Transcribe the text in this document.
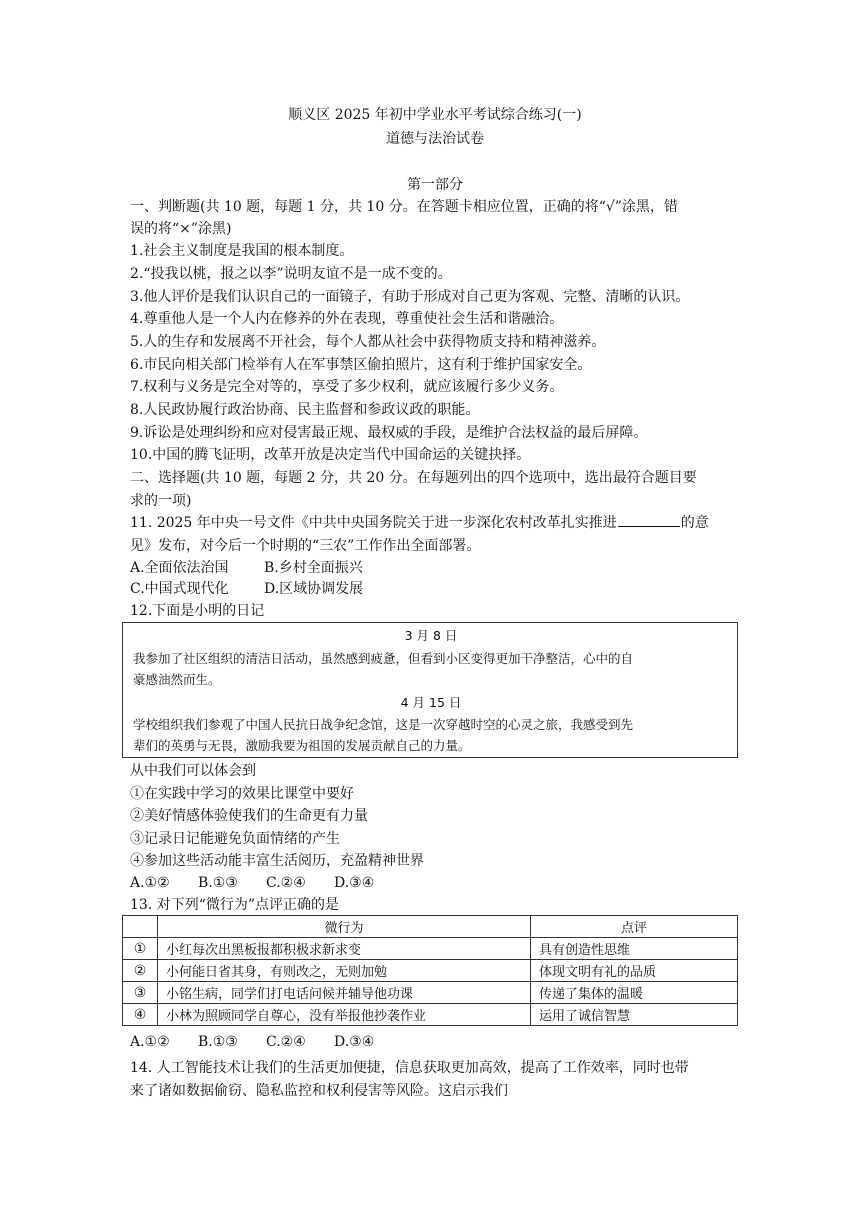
顺义区 2025 年初中学业水平考试综合练习(一)
道德与法治试卷
第一部分
一、判断题(共 10 题，每题 1 分，共 10 分。在答题卡相应位置，正确的将“√”涂黑，错
误的将“×”涂黑)
1.社会主义制度是我国的根本制度。
2.“投我以桃，报之以李”说明友谊不是一成不变的。
3.他人评价是我们认识自己的一面镜子，有助于形成对自己更为客观、完整、清晰的认识。
4.尊重他人是一个人内在修养的外在表现，尊重使社会生活和谐融洽。
5.人的生存和发展离不开社会，每个人都从社会中获得物质支持和精神滋养。
6.市民向相关部门检举有人在军事禁区偷拍照片，这有利于维护国家安全。
7.权利与义务是完全对等的，享受了多少权利，就应该履行多少义务。
8.人民政协履行政治协商、民主监督和参政议政的职能。
9.诉讼是处理纠纷和应对侵害最正规、最权威的手段，是维护合法权益的最后屏障。
10.中国的腾飞证明，改革开放是决定当代中国命运的关键抉择。
二、选择题(共 10 题，每题 2 分，共 20 分。在每题列出的四个选项中，选出最符合题目要
求的一项)
11. 2025 年中央一号文件《中共中央国务院关于进一步深化农村改革扎实推进	的意
见》发布，对今后一个时期的“三农”工作作出全面部署。
A.全面依法治国	B.乡村全面振兴
C.中国式现代化	D.区域协调发展
12.下面是小明的日记
3 月 8 日
我参加了社区组织的清洁日活动，虽然感到疲惫，但看到小区变得更加干净整洁，心中的自
豪感油然而生。
4 月 15 日
学校组织我们参观了中国人民抗日战争纪念馆，这是一次穿越时空的心灵之旅，我感受到先
辈们的英勇与无畏，激励我要为祖国的发展贡献自己的力量。
从中我们可以体会到
①在实践中学习的效果比课堂中要好
②美好情感体验使我们的生命更有力量
③记录日记能避免负面情绪的产生
④参加这些活动能丰富生活阅历，充盈精神世界
A.①② B.①③ C.②④ D.③④
13. 对下列“微行为”点评正确的是
	微行为	点评
①	小红每次出黑板报都积极求新求变	具有创造性思维
②	小何能日省其身，有则改之，无则加勉	体现文明有礼的品质
③	小铭生病，同学们打电话问候并辅导他功课	传递了集体的温暖
④	小林为照顾同学自尊心，没有举报他抄袭作业	运用了诚信智慧
A.①② B.①③ C.②④ D.③④
14. 人工智能技术让我们的生活更加便捷，信息获取更加高效，提高了工作效率，同时也带
来了诸如数据偷窃、隐私监控和权利侵害等风险。这启示我们
